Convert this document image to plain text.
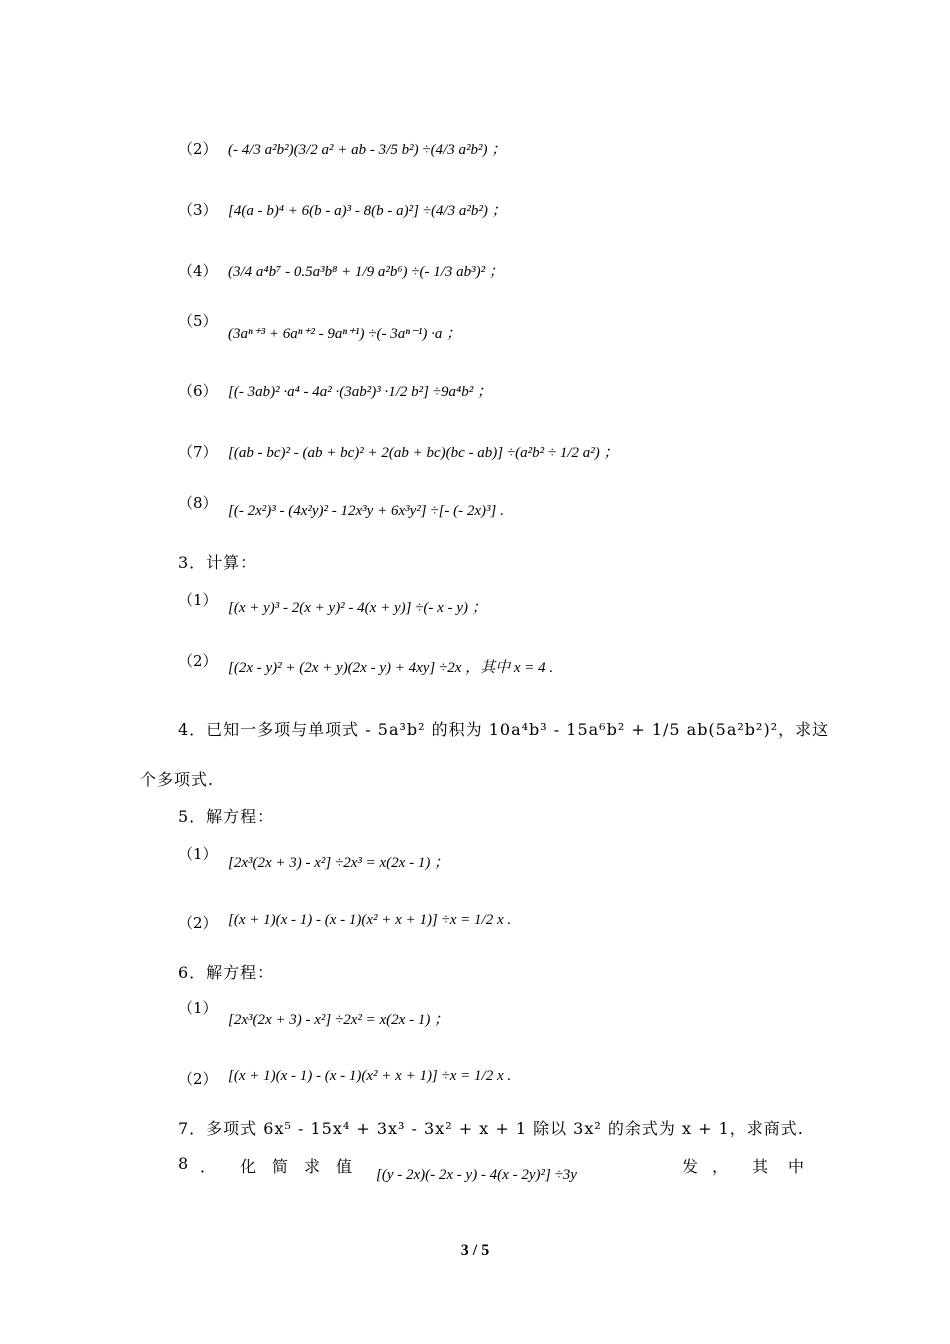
（2） (- 4/3 a²b²)(3/2 a² + ab - 3/5 b²) ÷(4/3 a²b²) ；
（3） [4(a - b)⁴ + 6(b - a)³ - 8(b - a)²] ÷(4/3 a²b²) ；
（4） (3/4 a⁴b⁷ - 0.5a³b⁸ + 1/9 a²b⁶) ÷(- 1/3 ab³)² ；
（5）
(3aⁿ⁺³ + 6aⁿ⁺² - 9aⁿ⁺¹) ÷(- 3aⁿ⁻¹) ·a ；
（6） [(- 3ab)² ·a⁴ - 4a² ·(3ab²)³ ·1/2 b²] ÷9a⁴b² ；
（7） [(ab - bc)² - (ab + bc)² + 2(ab + bc)(bc - ab)] ÷(a²b² ÷ 1/2 a²) ；
（8） [(- 2x²)³ - (4x²y)² - 12x³y + 6x³y²] ÷[- (- 2x)³] .
3．计算：
（1） [(x + y)³ - 2(x + y)² - 4(x + y)] ÷(- x - y) ；
（2） [(2x - y)² + (2x + y)(2x - y) + 4xy] ÷2x ，其中 x = 4 .
4．已知一多项与单项式 - 5a³b² 的积为 10a⁴b³ - 15a⁶b² + 1/5 ab(5a²b²)²，求这
个多项式.
5．解方程：
（1） [2x³(2x + 3) - x²] ÷2x³ = x(2x - 1) ；
（2） [(x + 1)(x - 1) - (x - 1)(x² + x + 1)] ÷x = 1/2 x .
6．解方程：
（1）
[2x³(2x + 3) - x²] ÷2x² = x(2x - 1) ；
（2） [(x + 1)(x - 1) - (x - 1)(x² + x + 1)] ÷x = 1/2 x .
7．多项式 6x⁵ - 15x⁴ + 3x³ - 3x² + x + 1 除以 3x² 的余式为 x + 1，求商式.
8 ． 化 简 求 值 [(y - 2x)(- 2x - y) - 4(x - 2y)²] ÷3y	发 ， 其 中
3 / 5
